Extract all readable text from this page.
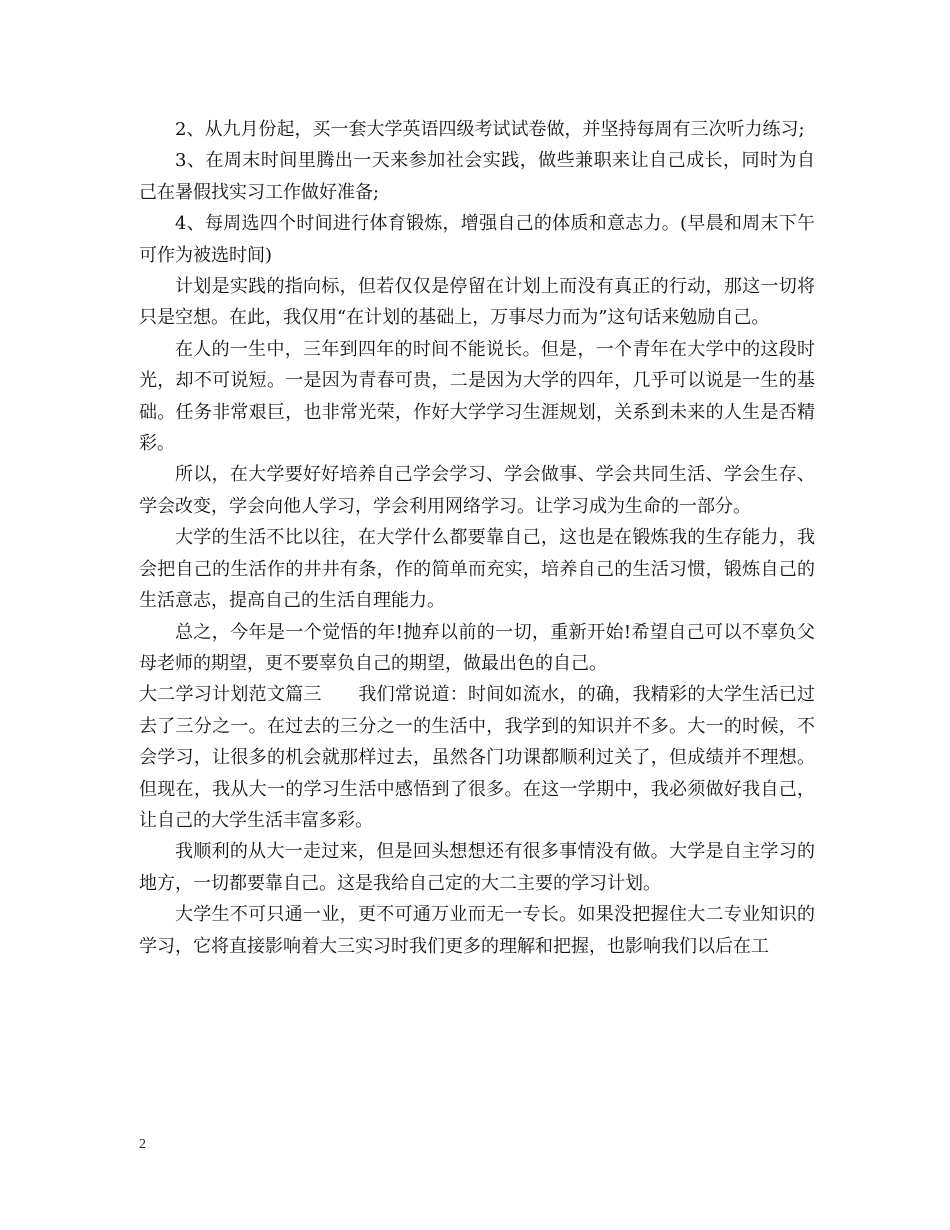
2、从九月份起，买一套大学英语四级考试试卷做，并坚持每周有三次听力练习;

3、在周末时间里腾出一天来参加社会实践，做些兼职来让自己成长，同时为自己在暑假找实习工作做好准备;

4、每周选四个时间进行体育锻炼，增强自己的体质和意志力。(早晨和周末下午可作为被选时间)

计划是实践的指向标，但若仅仅是停留在计划上而没有真正的行动，那这一切将只是空想。在此，我仅用“在计划的基础上，万事尽力而为”这句话来勉励自己。

在人的一生中，三年到四年的时间不能说长。但是，一个青年在大学中的这段时光，却不可说短。一是因为青春可贵，二是因为大学的四年，几乎可以说是一生的基础。任务非常艰巨，也非常光荣，作好大学学习生涯规划，关系到未来的人生是否精彩。

所以，在大学要好好培养自己学会学习、学会做事、学会共同生活、学会生存、学会改变，学会向他人学习，学会利用网络学习。让学习成为生命的一部分。

大学的生活不比以往，在大学什么都要靠自己，这也是在锻炼我的生存能力，我会把自己的生活作的井井有条，作的简单而充实，培养自己的生活习惯，锻炼自己的生活意志，提高自己的生活自理能力。

总之，今年是一个觉悟的年!抛弃以前的一切，重新开始!希望自己可以不辜负父母老师的期望，更不要辜负自己的期望，做最出色的自己。

大二学习计划范文篇三　　我们常说道：时间如流水，的确，我精彩的大学生活已过去了三分之一。在过去的三分之一的生活中，我学到的知识并不多。大一的时候，不会学习，让很多的机会就那样过去，虽然各门功课都顺利过关了，但成绩并不理想。但现在，我从大一的学习生活中感悟到了很多。在这一学期中，我必须做好我自己，让自己的大学生活丰富多彩。

我顺利的从大一走过来，但是回头想想还有很多事情没有做。大学是自主学习的地方，一切都要靠自己。这是我给自己定的大二主要的学习计划。

大学生不可只通一业，更不可通万业而无一专长。如果没把握住大二专业知识的学习，它将直接影响着大三实习时我们更多的理解和把握，也影响我们以后在工

2
